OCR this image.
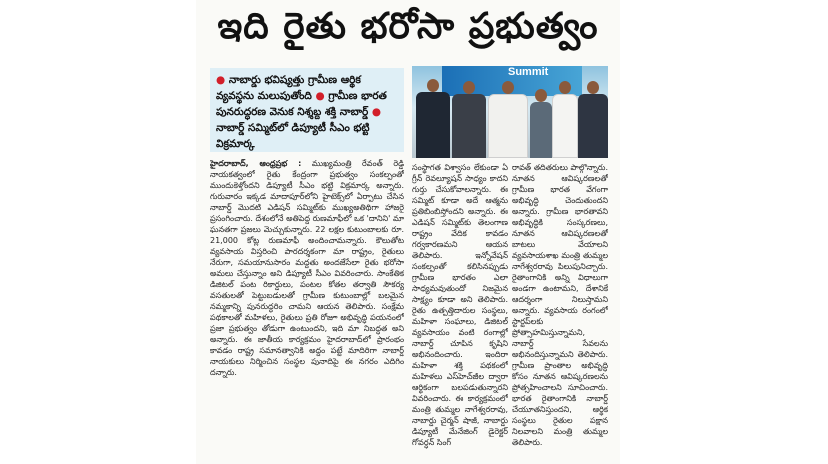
ఇది రైతు భరోసా ప్రభుత్వం
● నాబార్డు భవిష్యత్తు గ్రామీణ ఆర్థిక వ్యవస్థను మలుపుతోంది ● గ్రామీణ భారత పునరుద్ధరణ వెనుక నిశ్శబ్ద శక్తి నాబార్డ్ ● నాబార్డ్ సమ్మిట్‌లో డిప్యూటీ సీఎం భట్టి విక్రమార్క
Summit
హైదరాబాద్, ఆంధ్రప్రభ : ముఖ్యమంత్రి రేవంత్ రెడ్డి నాయకత్వంలో రైతు కేంద్రంగా ప్రభుత్వం సంకల్పంతో ముందుకెళ్తోందని డిప్యూటీ సీఎం భట్టి విక్రమార్క అన్నారు. గురువారం ఇక్కడ మాదాపూర్‌లోని హైటెక్స్‌లో ఏర్పాటు చేసిన నాబార్డ్ మొదటి ఎడిషన్ సమ్మిట్‌కు ముఖ్యఅతిథిగా హాజరై ప్రసంగించారు. దేశంలోనే అతిపెద్ద రుణమాఫీలో ఒక 'దానిని' మా ఘనతగా ప్రజలు మెచ్చుకున్నారు. 22 లక్షల కుటుంబాలకు రూ. 21,000 కోట్ల రుణమాఫీ అందించామన్నారు. కౌలుతోట వ్యవసాయ విస్తరించి పారదర్శకంగా మా రాష్ట్రం, రైతులు నేరుగా, సమయానుసారం మద్దతు అందజేసేలా రైతు భరోసా అమలు చేస్తున్నాం అని డిప్యూటీ సీఎం వివరించారు. సాంకేతిక డిజిటల్ పంట రికార్డులు, పంటల కోతల తర్వాతి సౌకర్య వసతులతో పెట్టుబడులతో గ్రామీణ కుటుంబాల్లో బలమైన నమ్మకాన్ని పునరుద్ధరిం చామని ఆయన తెలిపారు. సంక్షేమ పథకాలతో మహిళలు, రైతులు ప్రతి రోజూ అభివృద్ధి పయనంలో ప్రజా ప్రభుత్వం తోడుగా ఉంటుందని, ఇది మా నిబద్ధత అని అన్నారు. ఈ జాతీయ కార్యక్రమం హైదరాబాద్‌లో ప్రారంభం కావడం రాష్ట్ర సమానత్వానికి అద్దం పట్టే మాదిరిగా నాబార్డ్ నాయకులు నిర్మించిన సంస్థల పునాదిపై ఈ నగరం ఎదిగిం దన్నారు.
సంస్థాగత విశ్వాసం లేకుండా ఏ గ్రీన్ రెవల్యూషన్ సాధ్యం కాదని గుర్తు చేసుకోవాలన్నారు. ఈ సమ్మిట్ కూడా అదే ఆత్మను ప్రతిబింబిస్తోందని అన్నారు. ఈ ఎడిషన్ సమ్మిట్‌కు తెలంగాణ రాష్ట్రం వేదిక కావడం గర్వకారణమని ఆయన తెలిపారు. ఇన్నోవేషన్ సంకల్పంతో కలిసినప్పుడు గ్రామీణ భారతం ఎలా సాధ్యమవుతుందో నిజమైన సాక్ష్యం కూడా అని తెలిపారు. రైతు ఉత్పత్తిదారుల సంస్థలు, మహిళా సంఘాలు, డిజిటల్ వ్యవసాయం వంటి రంగాల్లో నాబార్డ్ చూపిన కృషిని అభినందించారు. ఇందిరా మహిళా శక్తి పథకంలో మహిళలు ఎస్‌హెచ్‌జీల ద్వారా ఆర్థికంగా బలపడుతున్నారని వివరించారు. ఈ కార్యక్రమంలో మంత్రి తుమ్మల నాగేశ్వరరావు, నాబార్డు చైర్మన్ షాజీ, నాబార్డు డిప్యూటీ మేనేజింగ్ డైరెక్టర్ గోవర్ధన్ సింగ్
రావత్ తదితరులు పాల్గొన్నారు. నూతన ఆవిష్కరణలతో గ్రామీణ భారత వేగంగా అభివృద్ధి చెందుతుందని అన్నారు. గ్రామీణ భారతావని అభివృద్ధికి సంస్కరణలు, నూతన ఆవిష్కరణలతో బాటలు వేయాలని వ్యవసాయశాఖ మంత్రి తుమ్మల నాగేశ్వరరావు పిలుపునిచ్చారు. రైతాంగానికి అన్ని విధాలుగా అండగా ఉంటామని, దేశానికే ఆదర్శంగా నిలుస్తామని అన్నారు. వ్యవసాయ రంగంలో స్టార్టప్‌లకు ప్రోత్సాహమిస్తున్నామని, నాబార్డ్ సేవలను అభినందిస్తున్నామని తెలిపారు. గ్రామీణ ప్రాంతాల అభివృద్ధి కోసం నూతన ఆవిష్కరణలను ప్రోత్సహించాలని సూచించారు. భారత రైతాంగానికి నాబార్డ్ చేయూతనిస్తుందని, ఆర్థిక సంస్థలు రైతుల పక్షాన నిలవాలని మంత్రి తుమ్మల తెలిపారు.
